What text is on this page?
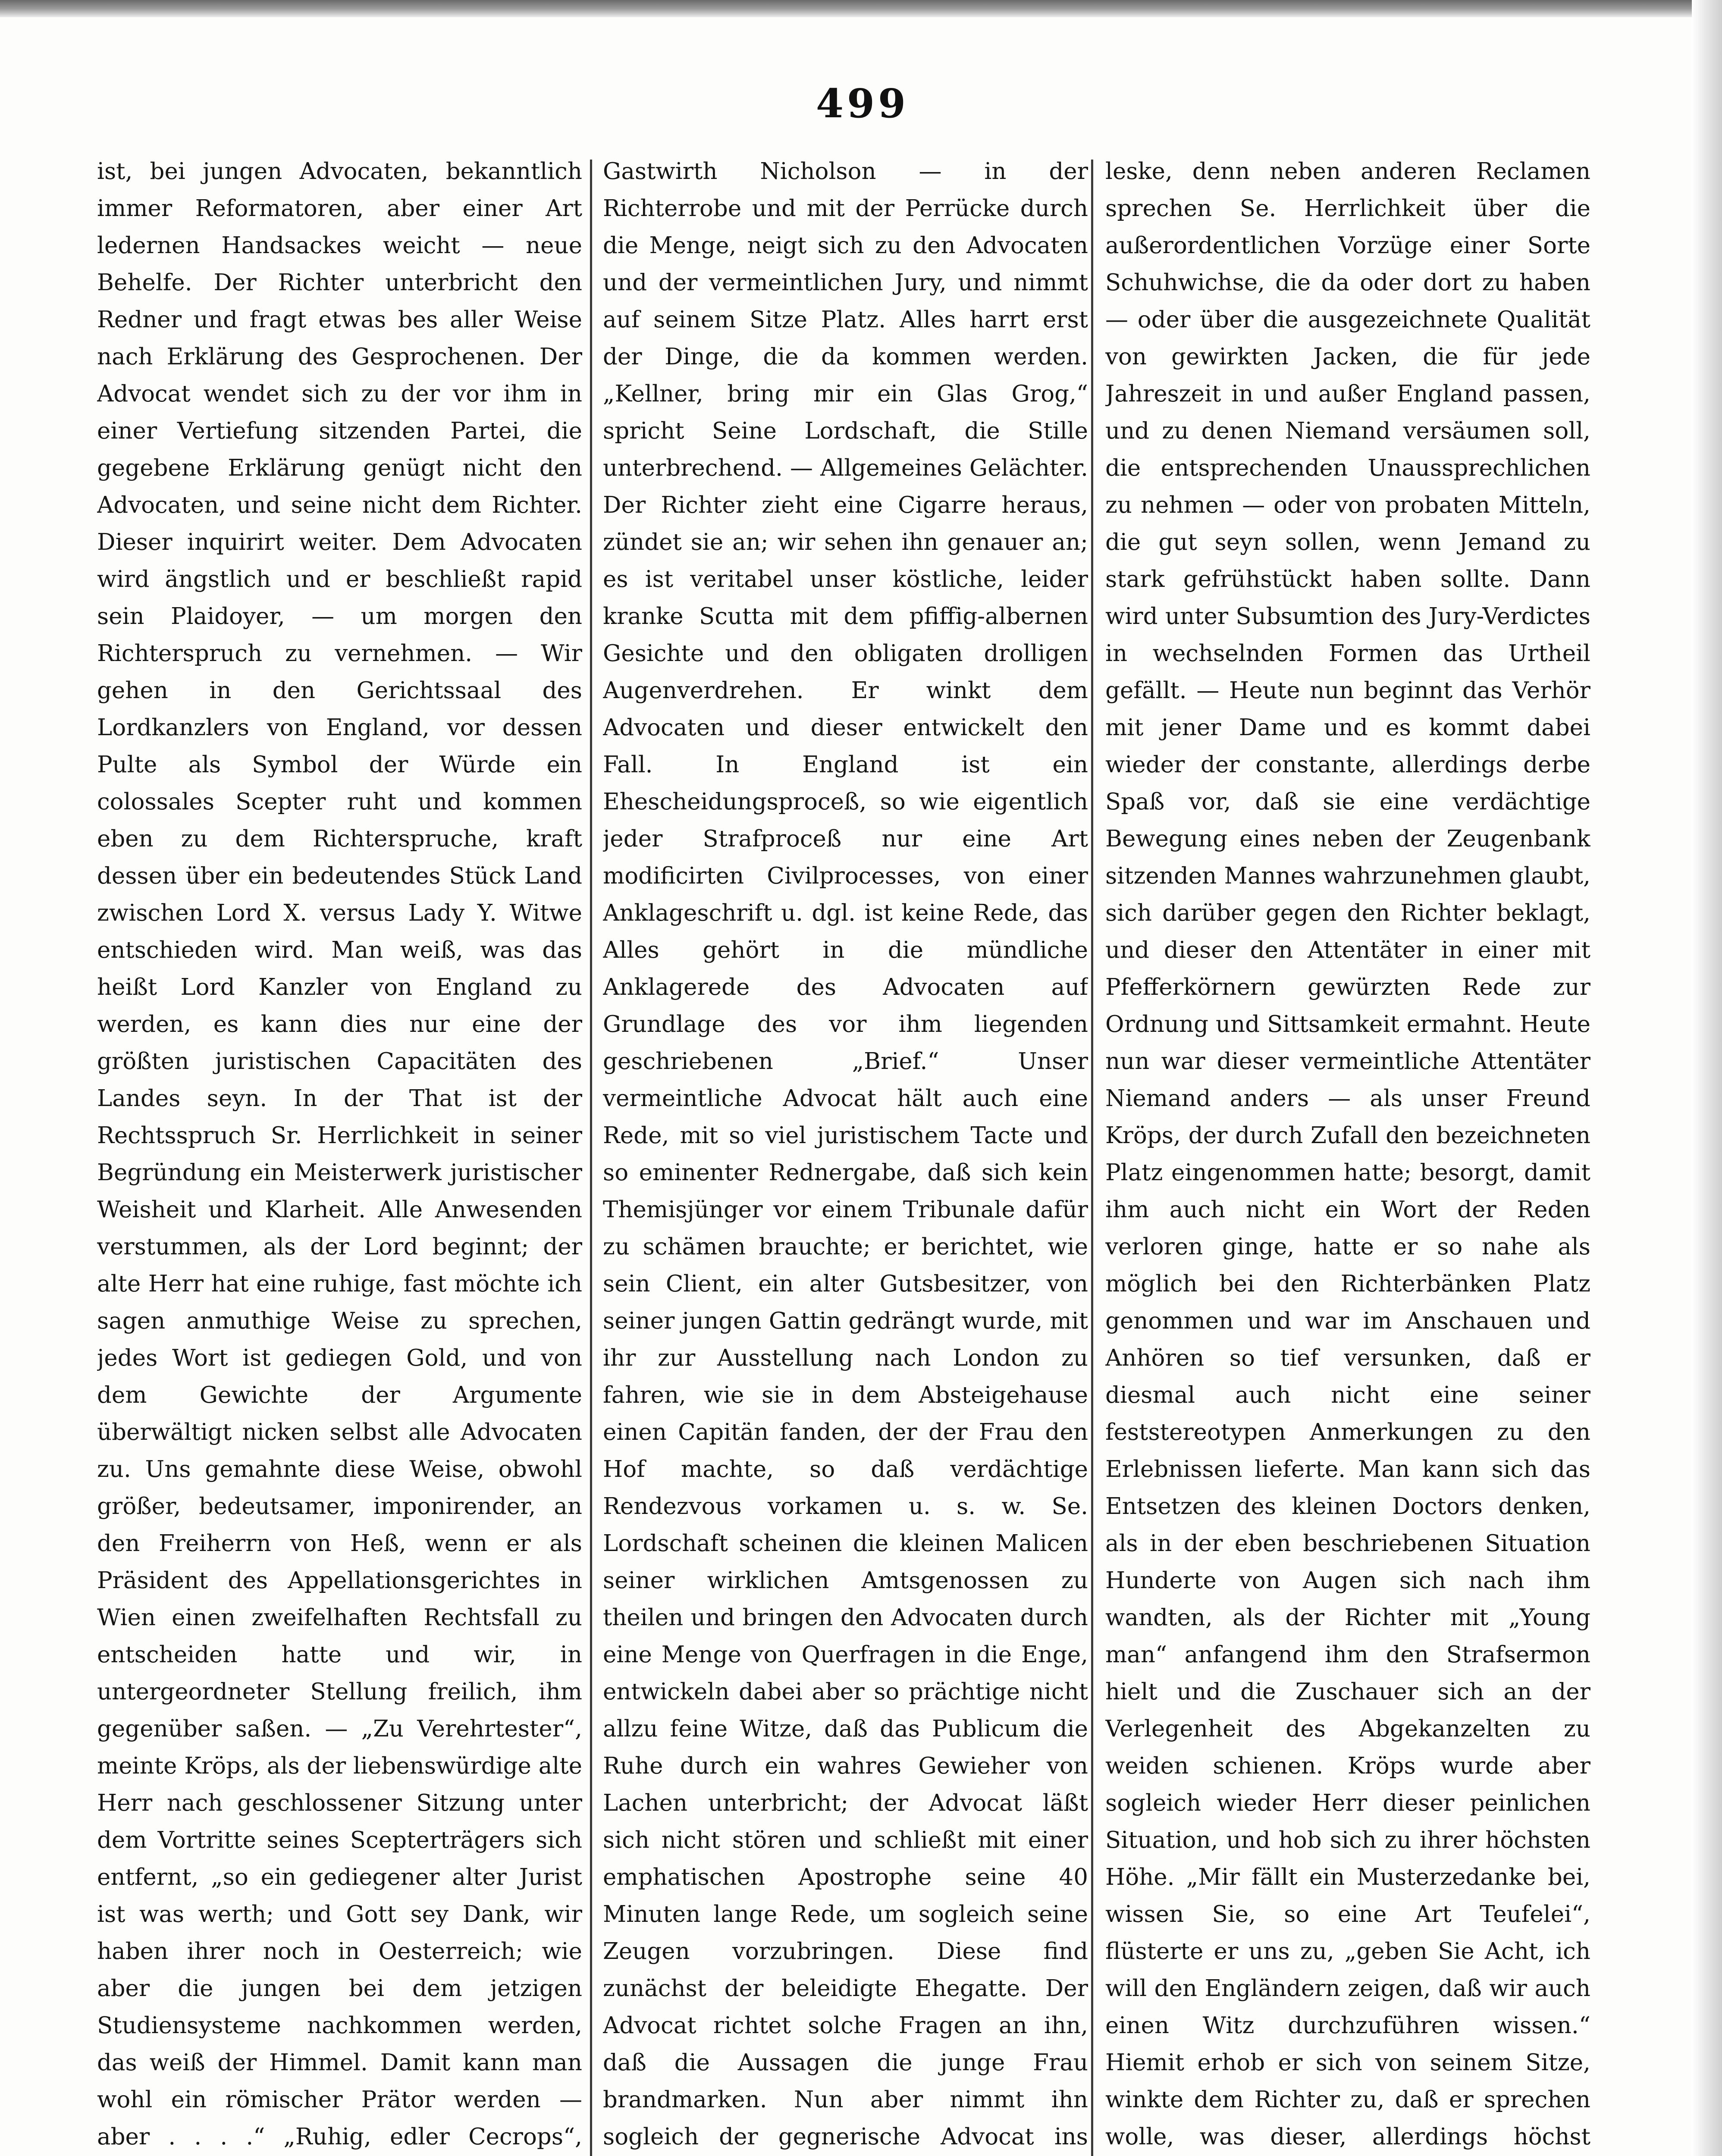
499

ist, bei jungen Advocaten, bekanntlich immer Reformatoren, aber einer Art ledernen Handsackes weicht — neue Behelfe. Der Richter unterbricht den Redner und fragt etwas bes aller Weise nach Erklärung des Gesprochenen. Der Advocat wendet sich zu der vor ihm in einer Vertiefung sitzenden Partei, die gegebene Erklärung genügt nicht den Advocaten, und seine nicht dem Richter. Dieser inquirirt weiter. Dem Advocaten wird ängstlich und er beschließt rapid sein Plaidoyer, — um morgen den Richterspruch zu vernehmen. — Wir gehen in den Gerichtssaal des Lordkanzlers von England, vor dessen Pulte als Symbol der Würde ein colossales Scepter ruht und kommen eben zu dem Richterspruche, kraft dessen über ein bedeutendes Stück Land zwischen Lord X. versus Lady Y. Witwe entschieden wird. Man weiß, was das heißt Lord Kanzler von England zu werden, es kann dies nur eine der größten juristischen Capacitäten des Landes seyn. In der That ist der Rechtsspruch Sr. Herrlichkeit in seiner Begründung ein Meisterwerk juristischer Weisheit und Klarheit. Alle Anwesenden verstummen, als der Lord beginnt; der alte Herr hat eine ruhige, fast möchte ich sagen anmuthige Weise zu sprechen, jedes Wort ist gediegen Gold, und von dem Gewichte der Argumente überwältigt nicken selbst alle Advocaten zu. Uns gemahnte diese Weise, obwohl größer, bedeutsamer, imponirender, an den Freiherrn von Heß, wenn er als Präsident des Appellationsgerichtes in Wien einen zweifelhaften Rechtsfall zu entscheiden hatte und wir, in untergeordneter Stellung freilich, ihm gegenüber saßen. — „Zu Verehrtester“, meinte Kröps, als der liebenswürdige alte Herr nach geschlossener Sitzung unter dem Vortritte seines Scepterträgers sich entfernt, „so ein gediegener alter Jurist ist was werth; und Gott sey Dank, wir haben ihrer noch in Oesterreich; wie aber die jungen bei dem jetzigen Studiensysteme nachkommen werden, das weiß der Himmel. Damit kann man wohl ein römischer Prätor werden — aber . . . .“ „Ruhig, edler Cecrops“,

Gastwirth Nicholson — in der Richterrobe und mit der Perrücke durch die Menge, neigt sich zu den Advocaten und der vermeintlichen Jury, und nimmt auf seinem Sitze Platz. Alles harrt erst der Dinge, die da kommen werden. „Kellner, bring mir ein Glas Grog,“ spricht Seine Lordschaft, die Stille unterbrechend. — Allgemeines Gelächter. Der Richter zieht eine Cigarre heraus, zündet sie an; wir sehen ihn genauer an; es ist veritabel unser köstliche, leider kranke Scutta mit dem pfiffig-albernen Gesichte und den obligaten drolligen Augenverdrehen. Er winkt dem Advocaten und dieser entwickelt den Fall. In England ist ein Ehescheidungsproceß, so wie eigentlich jeder Strafproceß nur eine Art modificirten Civilprocesses, von einer Anklageschrift u. dgl. ist keine Rede, das Alles gehört in die mündliche Anklagerede des Advocaten auf Grundlage des vor ihm liegenden geschriebenen „Brief.“ Unser vermeintliche Advocat hält auch eine Rede, mit so viel juristischem Tacte und so eminenter Rednergabe, daß sich kein Themisjünger vor einem Tribunale dafür zu schämen brauchte; er berichtet, wie sein Client, ein alter Gutsbesitzer, von seiner jungen Gattin gedrängt wurde, mit ihr zur Ausstellung nach London zu fahren, wie sie in dem Absteigehause einen Capitän fanden, der der Frau den Hof machte, so daß verdächtige Rendezvous vorkamen u. s. w. Se. Lordschaft scheinen die kleinen Malicen seiner wirklichen Amtsgenossen zu theilen und bringen den Advocaten durch eine Menge von Querfragen in die Enge, entwickeln dabei aber so prächtige nicht allzu feine Witze, daß das Publicum die Ruhe durch ein wahres Gewieher von Lachen unterbricht; der Advocat läßt sich nicht stören und schließt mit einer emphatischen Apostrophe seine 40 Minuten lange Rede, um sogleich seine Zeugen vorzubringen. Diese find zunächst der beleidigte Ehegatte. Der Advocat richtet solche Fragen an ihn, daß die Aussagen die junge Frau brandmarken. Nun aber nimmt ihn sogleich der gegnerische Advocat ins

leske, denn neben anderen Reclamen sprechen Se. Herrlichkeit über die außerordentlichen Vorzüge einer Sorte Schuhwichse, die da oder dort zu haben — oder über die ausgezeichnete Qualität von gewirkten Jacken, die für jede Jahreszeit in und außer England passen, und zu denen Niemand versäumen soll, die entsprechenden Unaussprechlichen zu nehmen — oder von probaten Mitteln, die gut seyn sollen, wenn Jemand zu stark gefrühstückt haben sollte. Dann wird unter Subsumtion des Jury-Verdictes in wechselnden Formen das Urtheil gefällt. — Heute nun beginnt das Verhör mit jener Dame und es kommt dabei wieder der constante, allerdings derbe Spaß vor, daß sie eine verdächtige Bewegung eines neben der Zeugenbank sitzenden Mannes wahrzunehmen glaubt, sich darüber gegen den Richter beklagt, und dieser den Attentäter in einer mit Pfefferkörnern gewürzten Rede zur Ordnung und Sittsamkeit ermahnt. Heute nun war dieser vermeintliche Attentäter Niemand anders — als unser Freund Kröps, der durch Zufall den bezeichneten Platz eingenommen hatte; besorgt, damit ihm auch nicht ein Wort der Reden verloren ginge, hatte er so nahe als möglich bei den Richterbänken Platz genommen und war im Anschauen und Anhören so tief versunken, daß er diesmal auch nicht eine seiner feststereotypen Anmerkungen zu den Erlebnissen lieferte. Man kann sich das Entsetzen des kleinen Doctors denken, als in der eben beschriebenen Situation Hunderte von Augen sich nach ihm wandten, als der Richter mit „Young man“ anfangend ihm den Strafsermon hielt und die Zuschauer sich an der Verlegenheit des Abgekanzelten zu weiden schienen. Kröps wurde aber sogleich wieder Herr dieser peinlichen Situation, und hob sich zu ihrer höchsten Höhe. „Mir fällt ein Musterzedanke bei, wissen Sie, so eine Art Teufelei“, flüsterte er uns zu, „geben Sie Acht, ich will den Engländern zeigen, daß wir auch einen Witz durchzuführen wissen.“ Hiemit erhob er sich von seinem Sitze, winkte dem Richter zu, daß er sprechen wolle, was dieser, allerdings höchst
